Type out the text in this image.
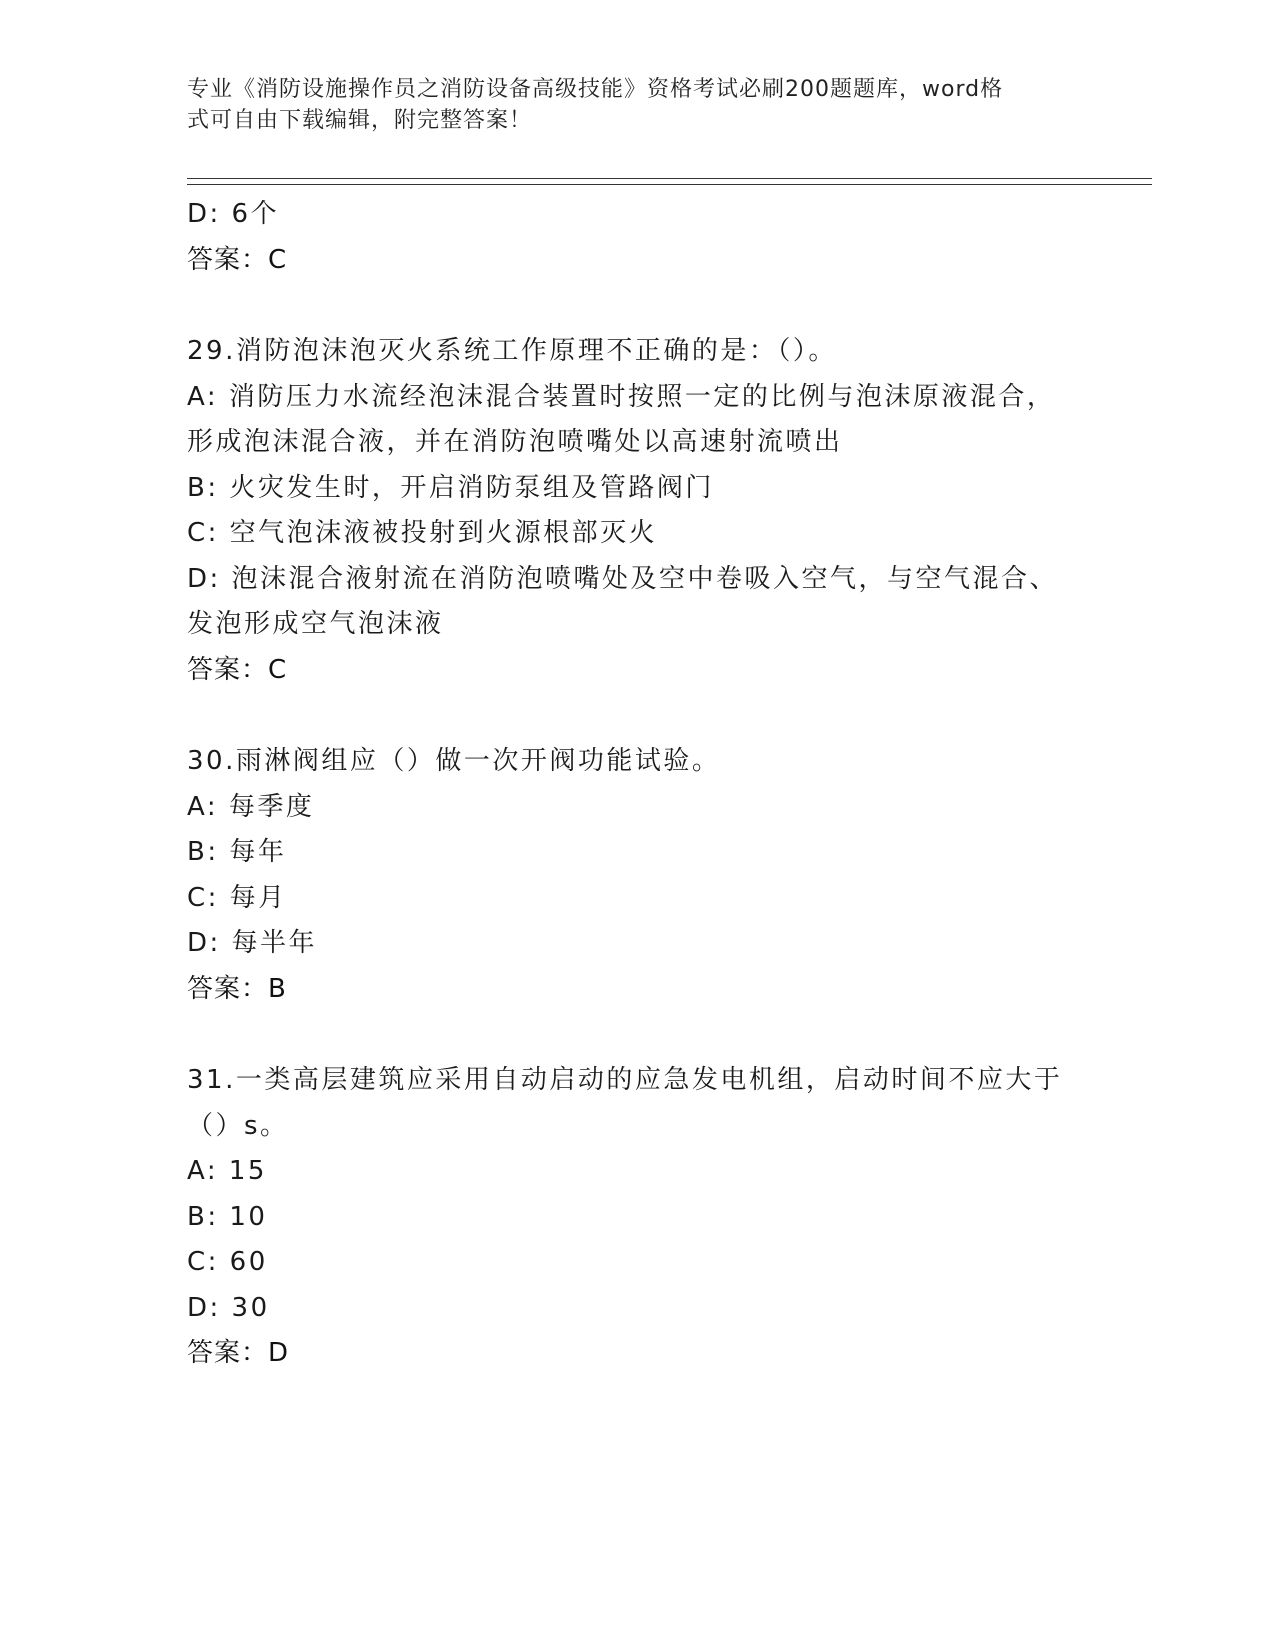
专业《消防设施操作员之消防设备高级技能》资格考试必刷200题题库，word格
式可自由下载编辑，附完整答案！
D: 6个
答案：C
29.消防泡沫泡灭火系统工作原理不正确的是：（）。
A: 消防压力水流经泡沫混合装置时按照一定的比例与泡沫原液混合，
形成泡沫混合液，并在消防泡喷嘴处以高速射流喷出
B: 火灾发生时，开启消防泵组及管路阀门
C: 空气泡沫液被投射到火源根部灭火
D: 泡沫混合液射流在消防泡喷嘴处及空中卷吸入空气，与空气混合、
发泡形成空气泡沫液
答案：C
30.雨淋阀组应（）做一次开阀功能试验。
A: 每季度
B: 每年
C: 每月
D: 每半年
答案：B
31.一类高层建筑应采用自动启动的应急发电机组，启动时间不应大于
（）s。
A: 15
B: 10
C: 60
D: 30
答案：D
